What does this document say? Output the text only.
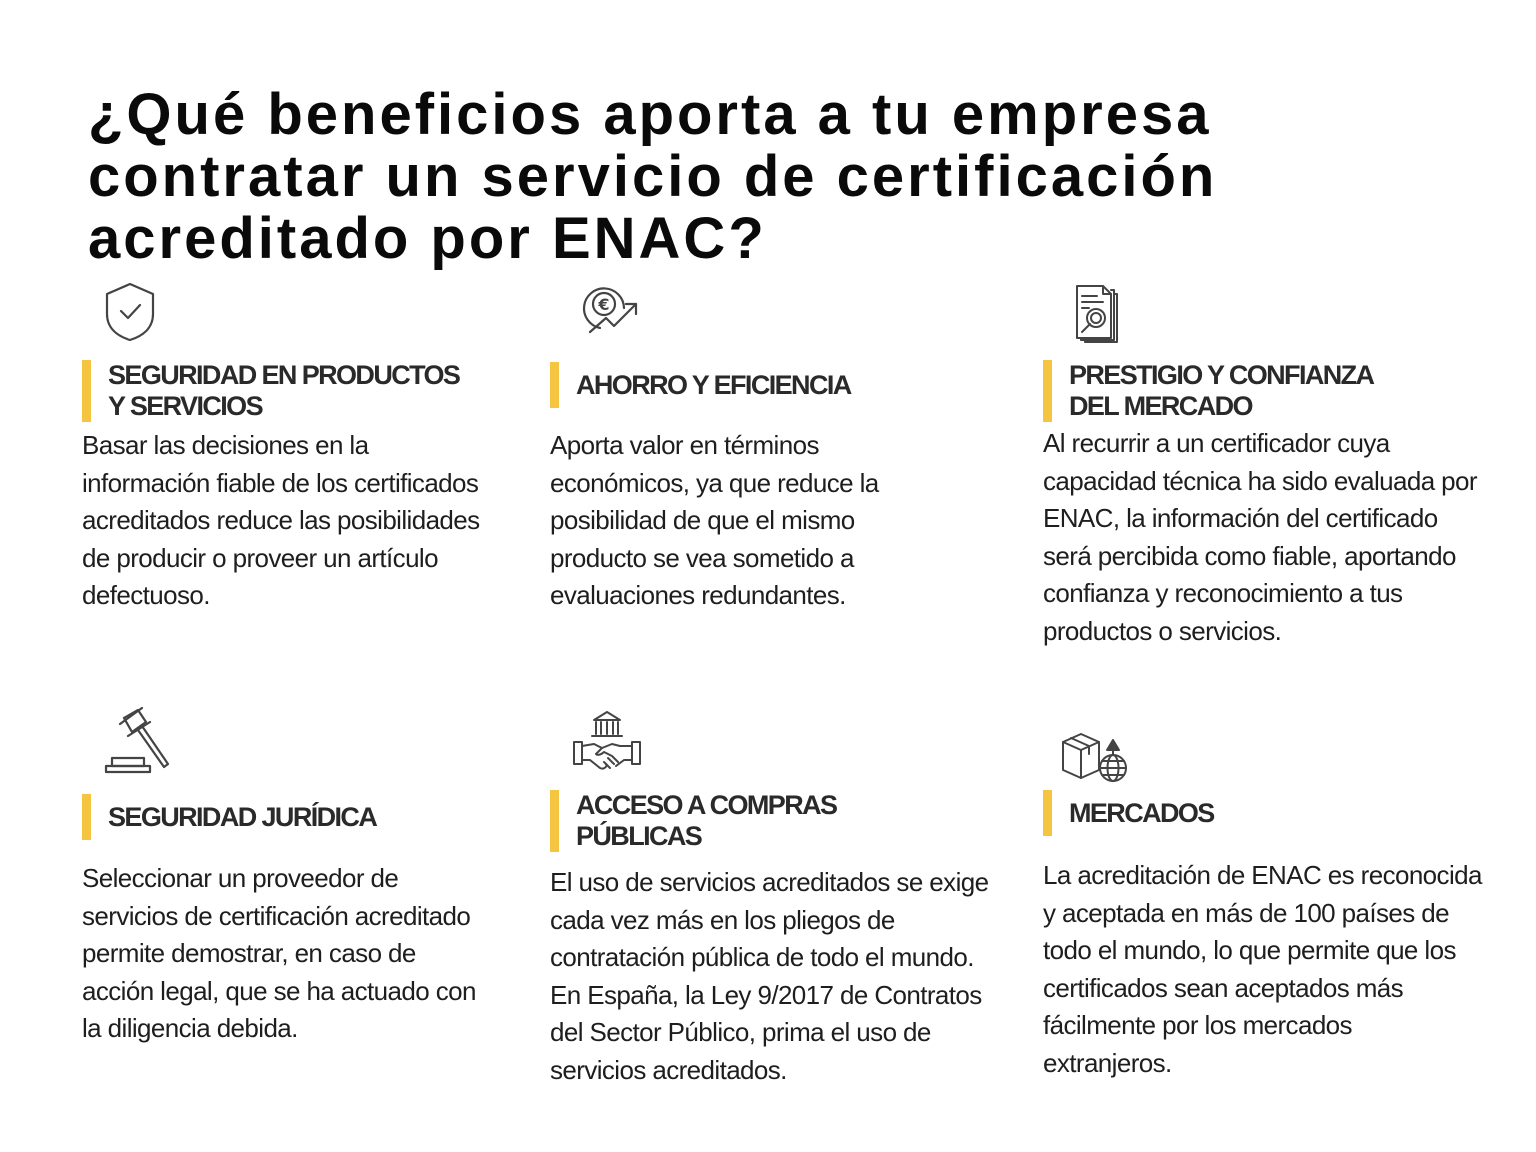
¿Qué beneficios aporta a tu empresa contratar un servicio de certificación acreditado por ENAC?
SEGURIDAD EN PRODUCTOS
Y SERVICIOS
Basar las decisiones en la información fiable de los certificados acreditados reduce las posibilidades de producir o proveer un artículo defectuoso.
€
AHORRO Y EFICIENCIA
Aporta valor en términos económicos, ya que reduce la posibilidad de que el mismo producto se vea sometido a evaluaciones redundantes.
PRESTIGIO Y CONFIANZA
DEL MERCADO
Al recurrir a un certificador cuya capacidad técnica ha sido evaluada por ENAC, la información del certificado será percibida como fiable, aportando confianza y reconocimiento a tus productos o servicios.
SEGURIDAD JURÍDICA
Seleccionar un proveedor de servicios de certificación acreditado permite demostrar, en caso de acción legal, que se ha actuado con la diligencia debida.
ACCESO A COMPRAS
PÚBLICAS
El uso de servicios acreditados se exige cada vez más en los pliegos de contratación pública de todo el mundo. En España, la Ley 9/2017 de Contratos del Sector Público, prima el uso de servicios acreditados.
MERCADOS
La acreditación de ENAC es reconocida y aceptada en más de 100 países de todo el mundo, lo que permite que los certificados sean aceptados más fácilmente por los mercados extranjeros.
